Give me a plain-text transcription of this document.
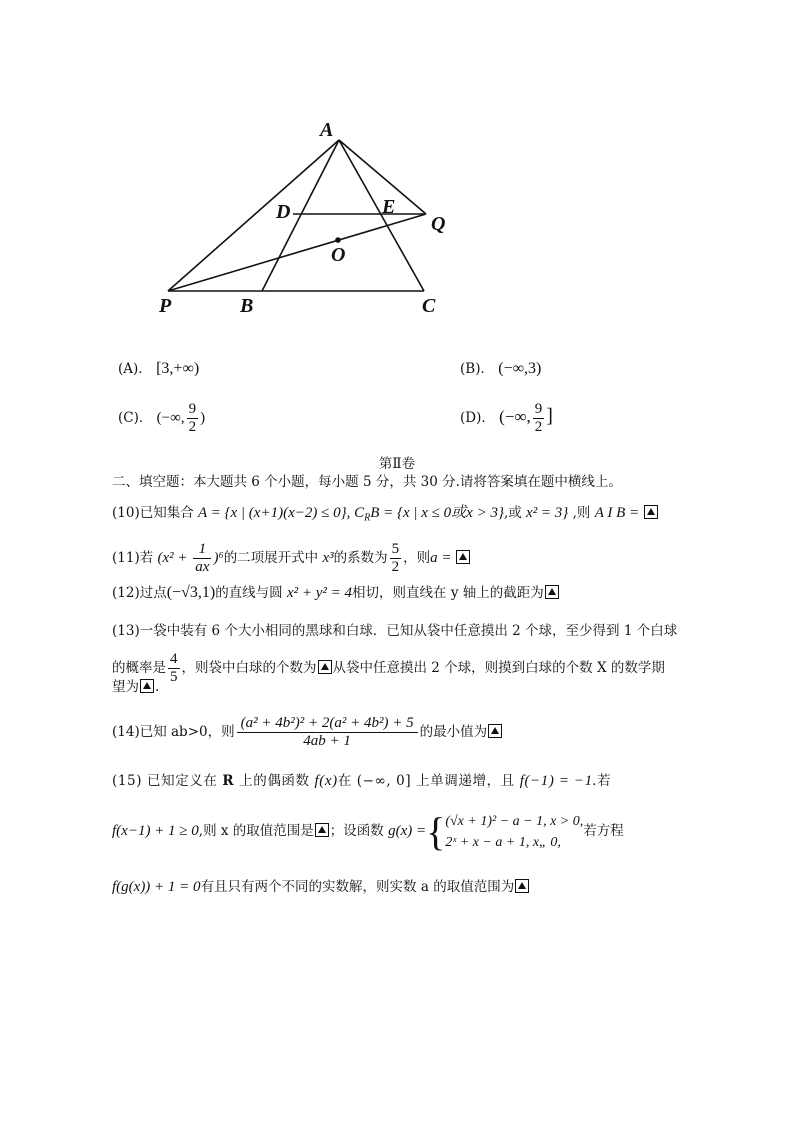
A
D	E
Q
O
P	B	C
(A)． [3,+∞)	(B)． (−∞,3)
(C)． (−∞, $\frac{9}{2}$ )	(D)． (−∞, $\frac{9}{2}$ ]
第Ⅱ卷
二、填空题：本大题共 6 个小题，每小题 5 分，共 30 分.请将答案填在题中横线上。
(10)已知集合 A = {x | (x+1)(x−2) ≤ 0}, $C_RB = \{x$ | x ≤ 0或x > 3},或 x² = 3} ,则 A I B =
(11)若 $(x^2 + \frac{1}{ax} )^6$的二项展开式中 x³的系数为 $\frac{5}{2}$ ，则a =
(12)过点(−√3,1)的直线与圆 x² + y² = 4相切，则直线在 y 轴上的截距为
(13)一袋中装有 6 个大小相同的黑球和白球．已知从袋中任意摸出 2 个球，至少得到 1 个白球
的概率是 $\frac{4}{5}$ ，则袋中白球的个数为 从袋中任意摸出 2 个球，则摸到白球的个数 X 的数学期
望为 .
(14)已知 ab>0，则 $\frac{\text{(a² + 4b²)² + 2(a² + 4b²) + 5}}{4ab + 1}$ 的最小值为
(15) 已知定义在 R 上的偶函数 f(x)在 (−∞, 0] 上单调递增，且 f(−1) = −1.若
f(x−1) + 1 ≥ 0,则 x 的取值范围是 ；设函数 g(x) ={ (√x + 1)² − a − 1, x > 0,
2ˣ + x − a + 1, x„ 0,
若方程
f(g(x)) + 1 = 0有且只有两个不同的实数解，则实数 a 的取值范围为
